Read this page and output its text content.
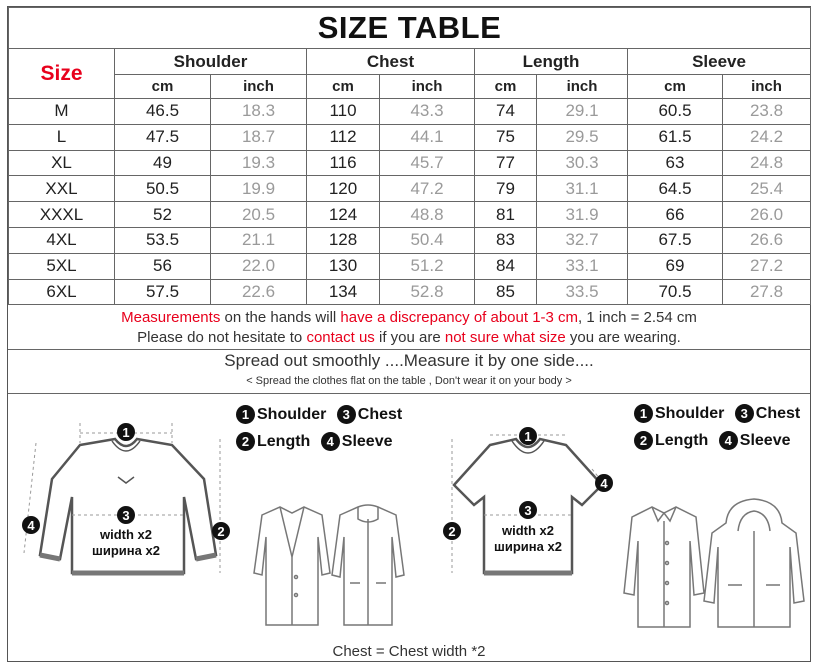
SIZE TABLE								
Size	Shoulder		Chest		Length		Sleeve	
	cm	inch	cm	inch	cm	inch	cm	inch
M	46.5	18.3	110	43.3	74	29.1	60.5	23.8
L	47.5	18.7	112	44.1	75	29.5	61.5	24.2
XL	49	19.3	116	45.7	77	30.3	63	24.8
XXL	50.5	19.9	120	47.2	79	31.1	64.5	25.4
XXXL	52	20.5	124	48.8	81	31.9	66	26.0
4XL	53.5	21.1	128	50.4	83	32.7	67.5	26.6
5XL	56	22.0	130	51.2	84	33.1	69	27.2
6XL	57.5	22.6	134	52.8	85	33.5	70.5	27.8
Measurements on the hands will have a discrepancy of about 1-3 cm, 1 inch = 2.54 cm
Please do not hesitate to contact us if you are not sure what size you are wearing.
Spread out smoothly ....Measure it by one side....
< Spread the clothes flat on the table , Don't wear it on your body >
1
3
2
4
width x2
ширина x2
1 Shoulder
	3 Chest
2 Length
	4 Sleeve	1
3
2
4
width x2
ширина x2
1 Shoulder
	3 Chest
2 Length
	4 Sleeve
Chest = Chest width *2
